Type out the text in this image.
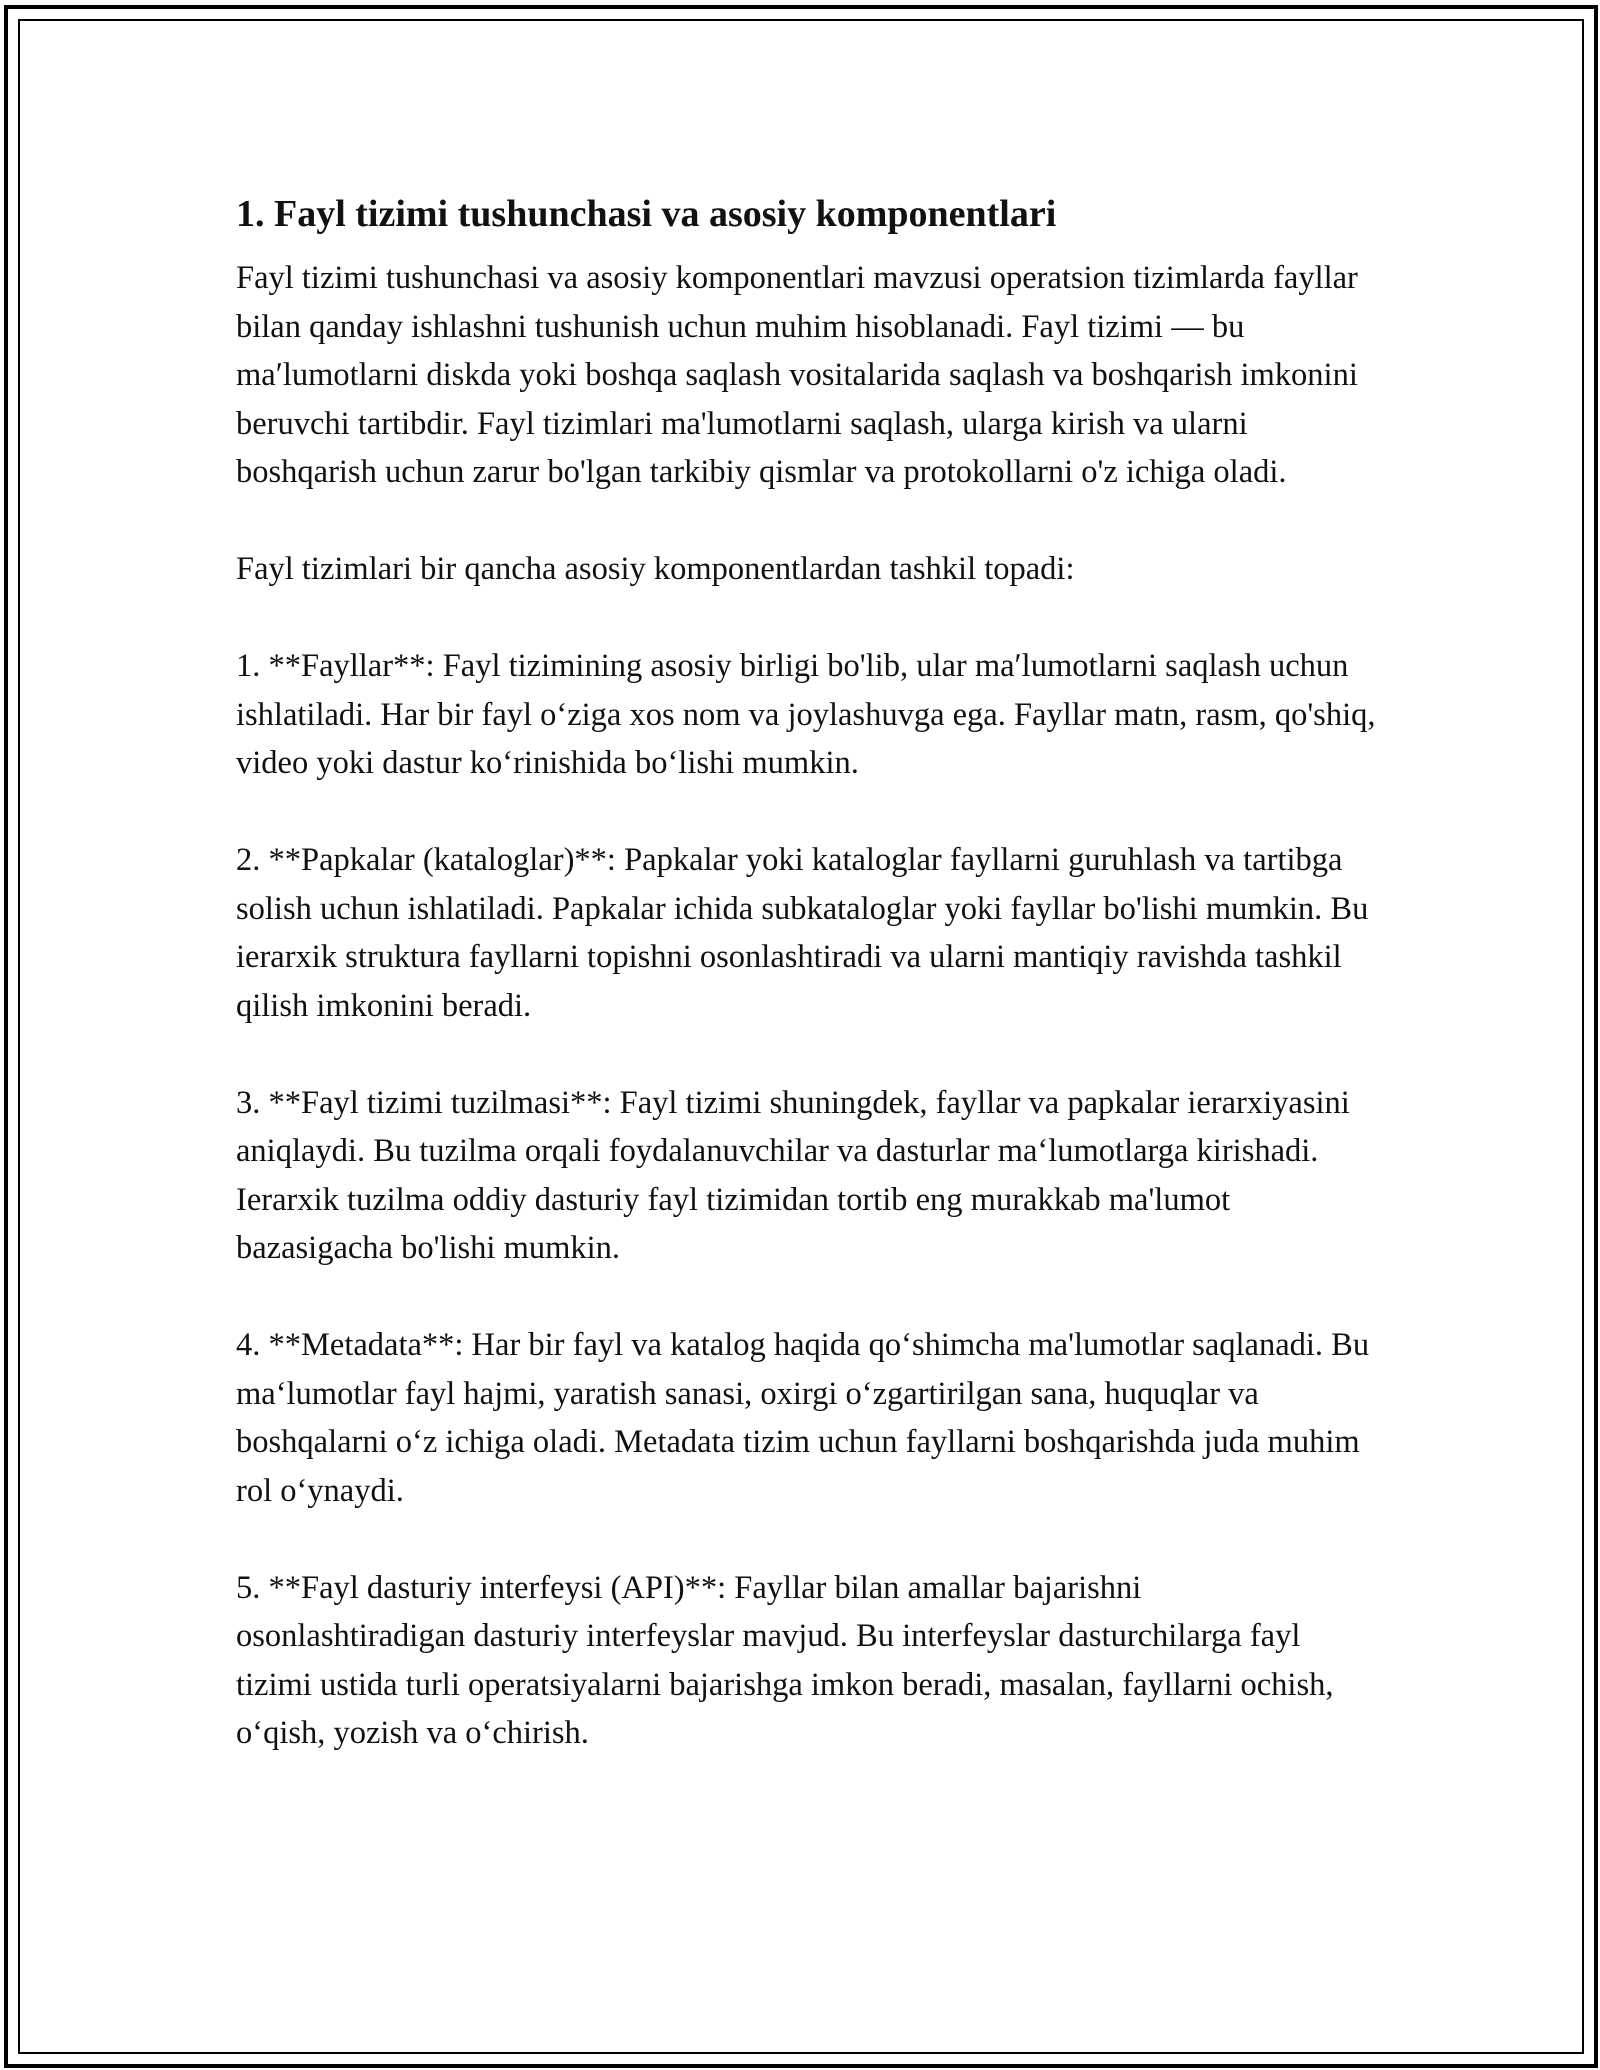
1. Fayl tizimi tushunchasi va asosiy komponentlari

Fayl tizimi tushunchasi va asosiy komponentlari mavzusi operatsion tizimlarda fayllar bilan qanday ishlashni tushunish uchun muhim hisoblanadi. Fayl tizimi — bu maʹlumotlarni diskda yoki boshqa saqlash vositalarida saqlash va boshqarish imkonini beruvchi tartibdir. Fayl tizimlari ma'lumotlarni saqlash, ularga kirish va ularni boshqarish uchun zarur bo'lgan tarkibiy qismlar va protokollarni o'z ichiga oladi.

Fayl tizimlari bir qancha asosiy komponentlardan tashkil topadi:

1. **Fayllar**: Fayl tizimining asosiy birligi bo'lib, ular maʹlumotlarni saqlash uchun ishlatiladi. Har bir fayl oʻziga xos nom va joylashuvga ega. Fayllar matn, rasm, qo'shiq, video yoki dastur koʻrinishida boʻlishi mumkin.

2. **Papkalar (kataloglar)**: Papkalar yoki kataloglar fayllarni guruhlash va tartibga solish uchun ishlatiladi. Papkalar ichida subkataloglar yoki fayllar bo'lishi mumkin. Bu ierarxik struktura fayllarni topishni osonlashtiradi va ularni mantiqiy ravishda tashkil qilish imkonini beradi.

3. **Fayl tizimi tuzilmasi**: Fayl tizimi shuningdek, fayllar va papkalar ierarxiyasini aniqlaydi. Bu tuzilma orqali foydalanuvchilar va dasturlar maʻlumotlarga kirishadi. Ierarxik tuzilma oddiy dasturiy fayl tizimidan tortib eng murakkab ma'lumot bazasigacha bo'lishi mumkin.

4. **Metadata**: Har bir fayl va katalog haqida qoʻshimcha ma'lumotlar saqlanadi. Bu maʻlumotlar fayl hajmi, yaratish sanasi, oxirgi oʻzgartirilgan sana, huquqlar va boshqalarni oʻz ichiga oladi. Metadata tizim uchun fayllarni boshqarishda juda muhim rol oʻynaydi.

5. **Fayl dasturiy interfeysi (API)**: Fayllar bilan amallar bajarishni osonlashtiradigan dasturiy interfeyslar mavjud. Bu interfeyslar dasturchilarga fayl tizimi ustida turli operatsiyalarni bajarishga imkon beradi, masalan, fayllarni ochish, oʻqish, yozish va oʻchirish.
